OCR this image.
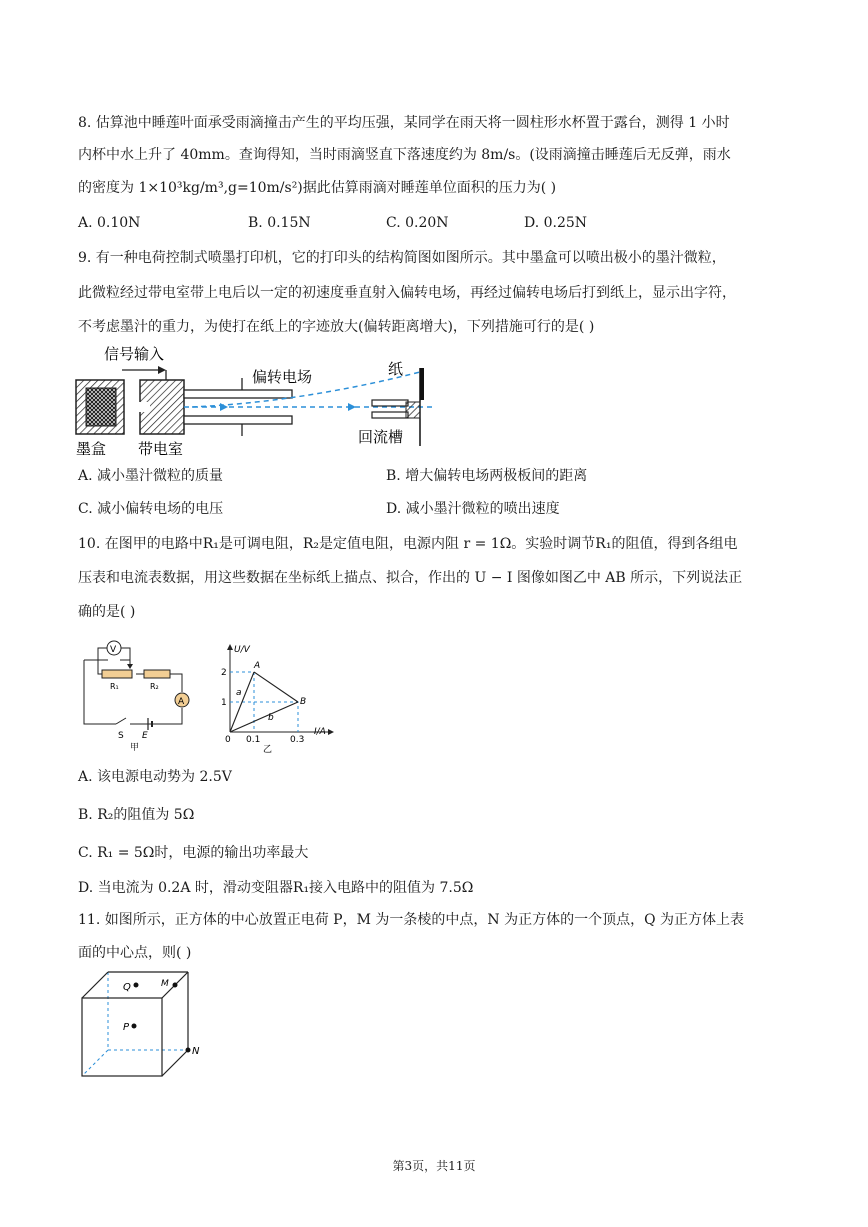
8. 估算池中睡莲叶面承受雨滴撞击产生的平均压强，某同学在雨天将一圆柱形水杯置于露台，测得 1 小时
内杯中水上升了 40mm。查询得知，当时雨滴竖直下落速度约为 8m/s。(设雨滴撞击睡莲后无反弹，雨水
的密度为 1×10³kg/m³,g=10m/s²)据此估算雨滴对睡莲单位面积的压力为( )
A. 0.10N	B. 0.15N	C. 0.20N	D. 0.25N
9. 有一种电荷控制式喷墨打印机，它的打印头的结构简图如图所示。其中墨盒可以喷出极小的墨汁微粒，
此微粒经过带电室带上电后以一定的初速度垂直射入偏转电场，再经过偏转电场后打到纸上，显示出字符，
不考虑墨汁的重力，为使打在纸上的字迹放大(偏转距离增大)，下列措施可行的是( )
信号输入
偏转电场	纸
墨盒 带电室
回流槽
A. 减小墨汁微粒的质量	B. 增大偏转电场两极板间的距离
C. 减小偏转电场的电压	D. 减小墨汁微粒的喷出速度
10. 在图甲的电路中R₁是可调电阻，R₂是定值电阻，电源内阻 r = 1Ω。实验时调节R₁的阻值，得到各组电
压表和电流表数据，用这些数据在坐标纸上描点、拟合，作出的 U − I 图像如图乙中 AB 所示，下列说法正
确的是( )
V
R₁	R₂
A
S E
甲
U/V
I/A
2
1
0 0.1	0.3
A
B
a
b
乙
A. 该电源电动势为 2.5V
B. R₂的阻值为 5Ω
C. R₁ = 5Ω时，电源的输出功率最大
D. 当电流为 0.2A 时，滑动变阻器R₁接入电路中的阻值为 7.5Ω
11. 如图所示，正方体的中心放置正电荷 P，M 为一条棱的中点，N 为正方体的一个顶点，Q 为正方体上表
面的中心点，则( )
Q	M
P
N
第3页，共11页
